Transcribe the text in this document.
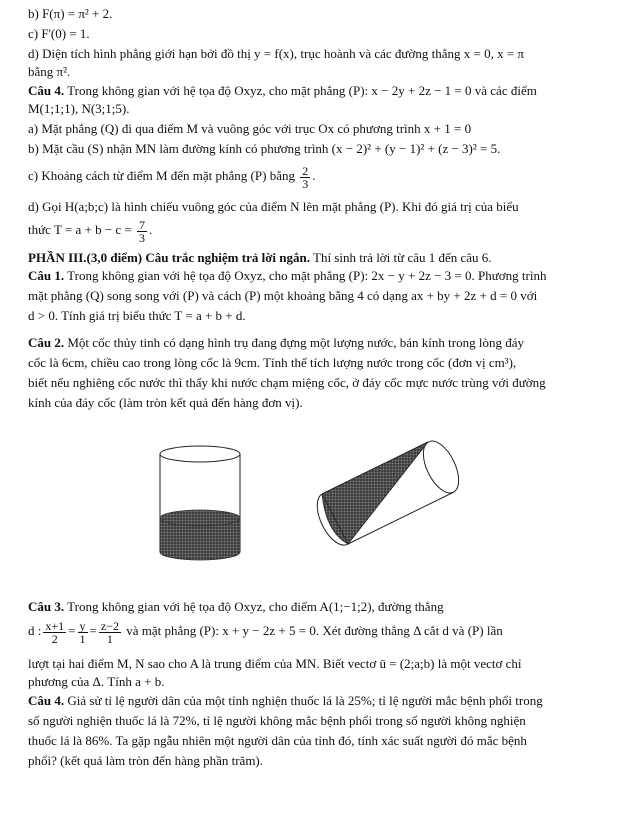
b) F(π) = π² + 2.
c) F'(0) = 1.
d) Diện tích hình phẳng giới hạn bởi đồ thị y = f(x), trục hoành và các đường thẳng x = 0, x = π
bằng π².
Câu 4. Trong không gian với hệ tọa độ Oxyz, cho mặt phẳng (P): x − 2y + 2z − 1 = 0 và các điểm
M(1;1;1), N(3;1;5).
a) Mặt phẳng (Q) đi qua điểm M và vuông góc với trục Ox có phương trình x + 1 = 0
b) Mặt cầu (S) nhận MN làm đường kính có phương trình (x − 2)² + (y − 1)² + (z − 3)² = 5.
c) Khoảng cách từ điểm M đến mặt phẳng (P) bằng $\frac{2}{3}$ .
d) Gọi H(a;b;c) là hình chiếu vuông góc của điểm N lên mặt phẳng (P). Khi đó giá trị của biểu
thức $T = a + b - c = \frac{7}{3}$ .
PHẦN III.(3,0 điểm) Câu trắc nghiệm trả lời ngắn. Thí sinh trả lời từ câu 1 đến câu 6.
Câu 1. Trong không gian với hệ tọa độ Oxyz, cho mặt phẳng (P): 2x − y + 2z − 3 = 0. Phương trình
mặt phẳng (Q) song song với (P) và cách (P) một khoảng bằng 4 có dạng ax + by + 2z + d = 0 với
d > 0. Tính giá trị biểu thức T = a + b + d.
Câu 2. Một cốc thủy tinh có dạng hình trụ đang đựng một lượng nước, bán kính trong lòng đáy
cốc là 6cm, chiều cao trong lòng cốc là 9cm. Tính thể tích lượng nước trong cốc (đơn vị cm³),
biết nếu nghiêng cốc nước thì thấy khi nước chạm miệng cốc, ở đáy cốc mực nước trùng với đường
kính của đáy cốc (làm tròn kết quả đến hàng đơn vị).
Câu 3. Trong không gian với hệ tọa độ Oxyz, cho điểm A(1;−1;2), đường thẳng
d : $\frac{x+1}{2} = \frac{y}{1} = \frac{z-2}{1}$ và mặt phẳng (P): x + y − 2z + 5 = 0. Xét đường thẳng Δ cắt d và (P) lần
lượt tại hai điểm M, N sao cho A là trung điểm của MN. Biết vectơ ū = (2;a;b) là một vectơ chỉ
phương của Δ. Tính a + b.
Câu 4. Giả sử tỉ lệ người dân của một tỉnh nghiện thuốc lá là 25%; tỉ lệ người mắc bệnh phổi trong
số người nghiện thuốc lá là 72%, tỉ lệ người không mắc bệnh phổi trong số người không nghiện
thuốc lá là 86%. Ta gặp ngẫu nhiên một người dân của tỉnh đó, tính xác suất người đó mắc bệnh
phổi? (kết quả làm tròn đến hàng phần trăm).
